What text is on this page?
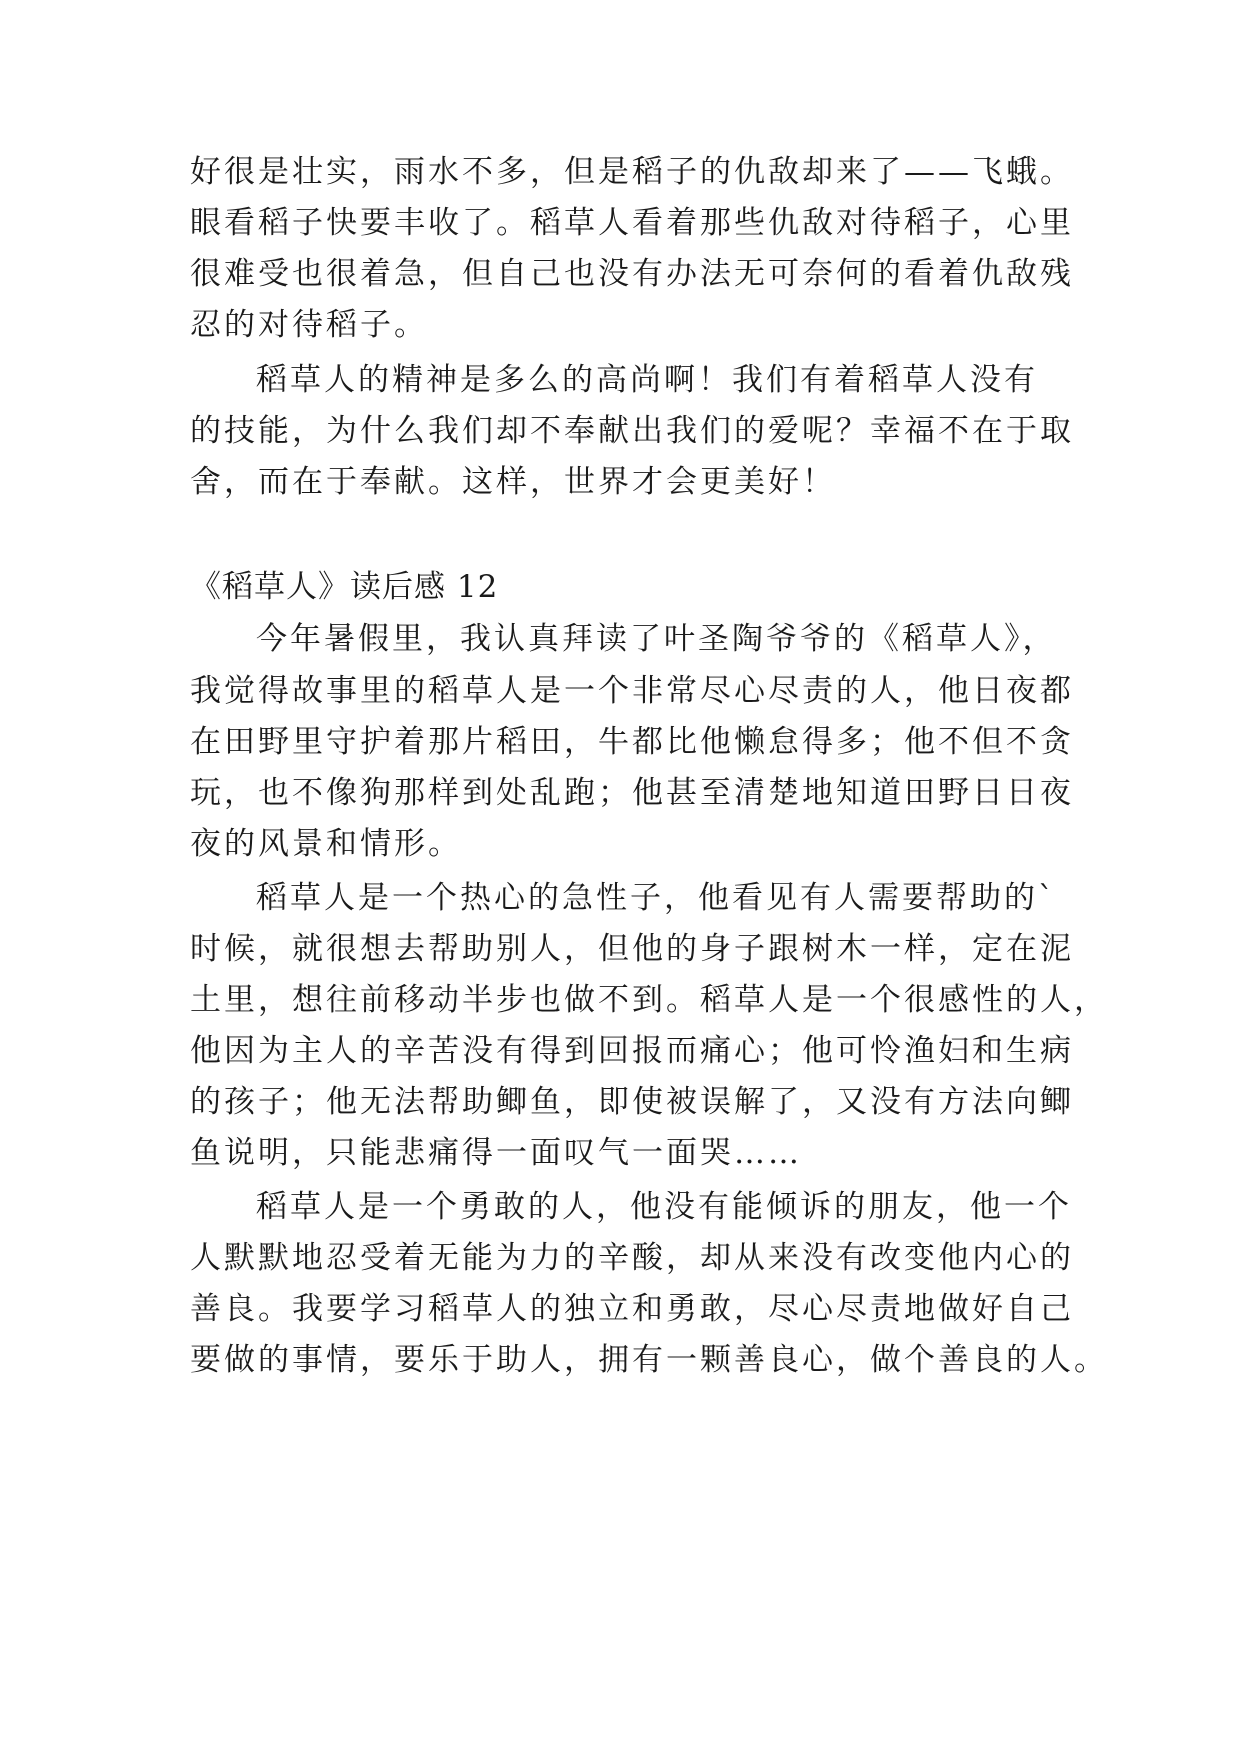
好很是壮实，雨水不多，但是稻子的仇敌却来了——飞蛾。
眼看稻子快要丰收了。稻草人看着那些仇敌对待稻子，心里
很难受也很着急，但自己也没有办法无可奈何的看着仇敌残
忍的对待稻子。
稻草人的精神是多么的高尚啊！我们有着稻草人没有
的技能，为什么我们却不奉献出我们的爱呢？幸福不在于取
舍，而在于奉献。这样，世界才会更美好！
《稻草人》读后感 12
今年暑假里，我认真拜读了叶圣陶爷爷的《稻草人》，
我觉得故事里的稻草人是一个非常尽心尽责的人，他日夜都
在田野里守护着那片稻田，牛都比他懒怠得多；他不但不贪
玩，也不像狗那样到处乱跑；他甚至清楚地知道田野日日夜
夜的风景和情形。
稻草人是一个热心的急性子，他看见有人需要帮助的`
时候，就很想去帮助别人，但他的身子跟树木一样，定在泥
土里，想往前移动半步也做不到。稻草人是一个很感性的人，
他因为主人的辛苦没有得到回报而痛心；他可怜渔妇和生病
的孩子；他无法帮助鲫鱼，即使被误解了，又没有方法向鲫
鱼说明，只能悲痛得一面叹气一面哭……
稻草人是一个勇敢的人，他没有能倾诉的朋友，他一个
人默默地忍受着无能为力的辛酸，却从来没有改变他内心的
善良。我要学习稻草人的独立和勇敢，尽心尽责地做好自己
要做的事情，要乐于助人，拥有一颗善良心，做个善良的人。
